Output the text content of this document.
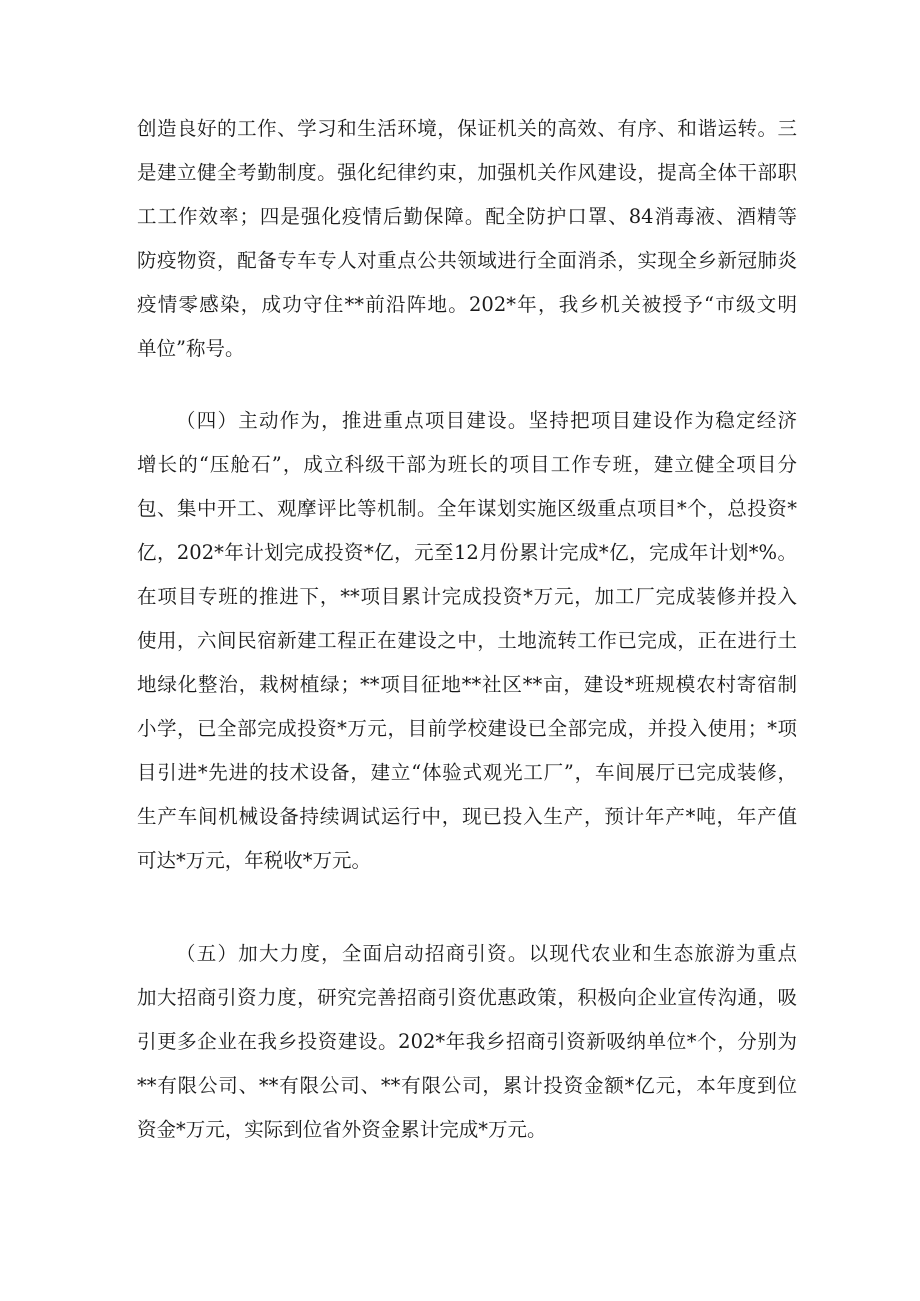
创造良好的工作、学习和生活环境，保证机关的高效、有序、和谐运转。三
是建立健全考勤制度。强化纪律约束，加强机关作风建设，提高全体干部职
工工作效率；四是强化疫情后勤保障。配全防护口罩、84消毒液、酒精等
防疫物资，配备专车专人对重点公共领域进行全面消杀，实现全乡新冠肺炎
疫情零感染，成功守住**前沿阵地。202*年，我乡机关被授予“市级文明
单位”称号。
（四）主动作为，推进重点项目建设。坚持把项目建设作为稳定经济
增长的“压舱石”，成立科级干部为班长的项目工作专班，建立健全项目分
包、集中开工、观摩评比等机制。全年谋划实施区级重点项目*个，总投资*
亿，202*年计划完成投资*亿，元至12月份累计完成*亿，完成年计划*%。
在项目专班的推进下，**项目累计完成投资*万元，加工厂完成装修并投入
使用，六间民宿新建工程正在建设之中，土地流转工作已完成，正在进行土
地绿化整治，栽树植绿；**项目征地**社区**亩，建设*班规模农村寄宿制
小学，已全部完成投资*万元，目前学校建设已全部完成，并投入使用；*项
目引进*先进的技术设备，建立“体验式观光工厂”，车间展厅已完成装修，
生产车间机械设备持续调试运行中，现已投入生产，预计年产*吨，年产值
可达*万元，年税收*万元。
（五）加大力度，全面启动招商引资。以现代农业和生态旅游为重点
加大招商引资力度，研究完善招商引资优惠政策，积极向企业宣传沟通，吸
引更多企业在我乡投资建设。202*年我乡招商引资新吸纳单位*个，分别为
**有限公司、**有限公司、**有限公司，累计投资金额*亿元，本年度到位
资金*万元，实际到位省外资金累计完成*万元。
